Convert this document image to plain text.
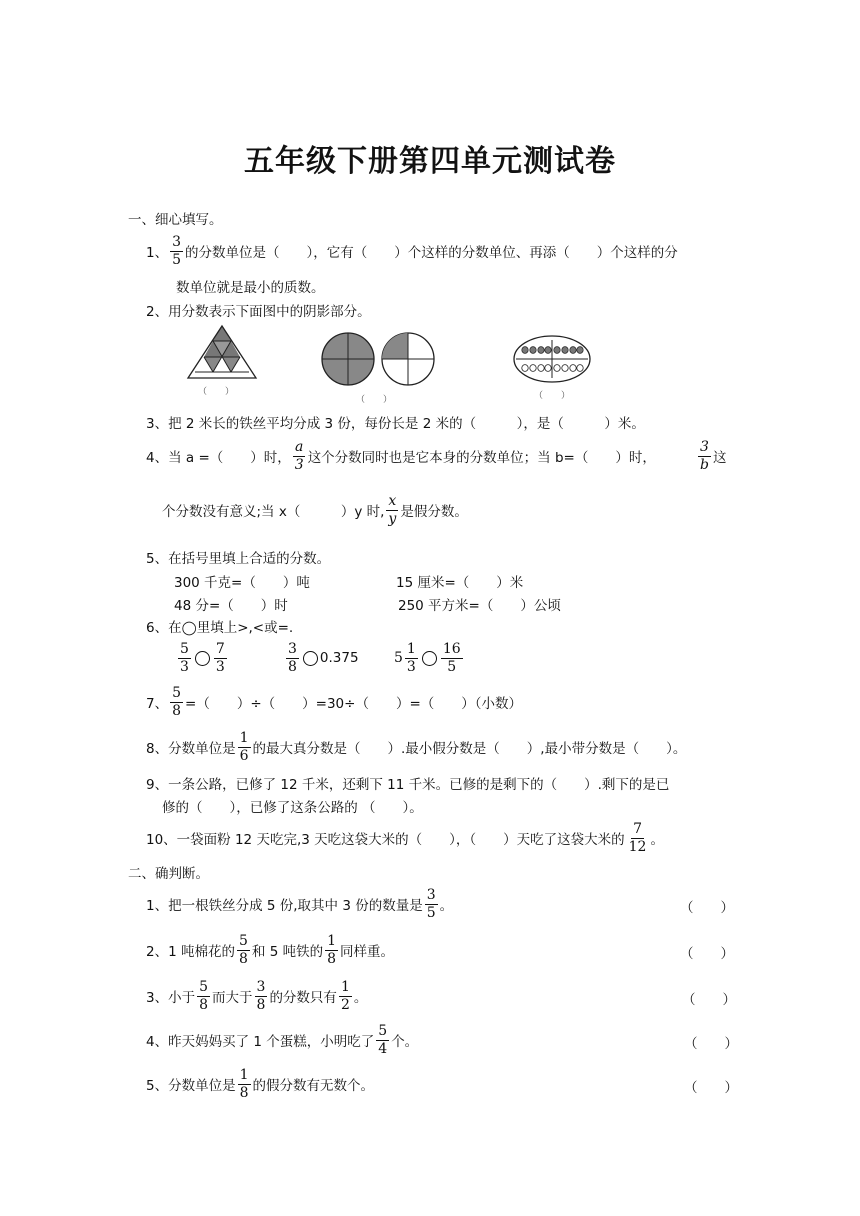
五年级下册第四单元测试卷
一、细心填写。
1、 $\frac{3}{5}$ 的分数单位是（　　），它有（　　）个这样的分数单位、再添（　　）个这样的分
数单位就是最小的质数。
2、用分数表示下面图中的阴影部分。
（　　）
（　　）	（　　）
3、把 2 米长的铁丝平均分成 3 份，每份长是 2 米的（　　　），是（　　　）米。
4、当 a =（　　）时， $\frac{a}{3}$ 这个分数同时也是它本身的分数单位；当 b=（　　）时，	$\frac{3}{b}$ 这
个分数没有意义;当 x（　　　）y 时, $\frac{x}{y}$ 是假分数。
5、在括号里填上合适的分数。
300 千克=（　　）吨	15 厘米=（　　）米
48 分=（　　）时	250 平方米=（　　）公顷
6、在◯里填上>,<或=.
$\frac{5}{3} \frac{7}{3}$	$\frac{3}{8} 0.375$	$5 \frac{1}{3} \frac{16}{5}$
7、 $\frac{5}{8}$ =（　　）÷（　　）=30÷（　　）=（　　）（小数）
8、分数单位是 $\frac{1}{6}$ 的最大真分数是（　　）.最小假分数是（　　）,最小带分数是（　　）。
9、一条公路，已修了 12 千米，还剩下 11 千米。已修的是剩下的（　　）.剩下的是已
修的（　　），已修了这条公路的 （　　）。
10、一袋面粉 12 天吃完,3 天吃这袋大米的（　　），（　　）天吃了这袋大米的 $\frac{7}{12}$ 。
二、确判断。
1、把一根铁丝分成 5 份,取其中 3 份的数量是 $\frac{3}{5}$ 。	（　　）
2、1 吨棉花的 $\frac{5}{8}$ 和 5 吨铁的 $\frac{1}{8}$ 同样重。	（　　）
3、小于 $\frac{5}{8}$ 而大于 $\frac{3}{8}$ 的分数只有 $\frac{1}{2}$ 。	（　　）
4、昨天妈妈买了 1 个蛋糕，小明吃了 $\frac{5}{4}$ 个。	（　　）
5、分数单位是 $\frac{1}{8}$ 的假分数有无数个。	（　　）
